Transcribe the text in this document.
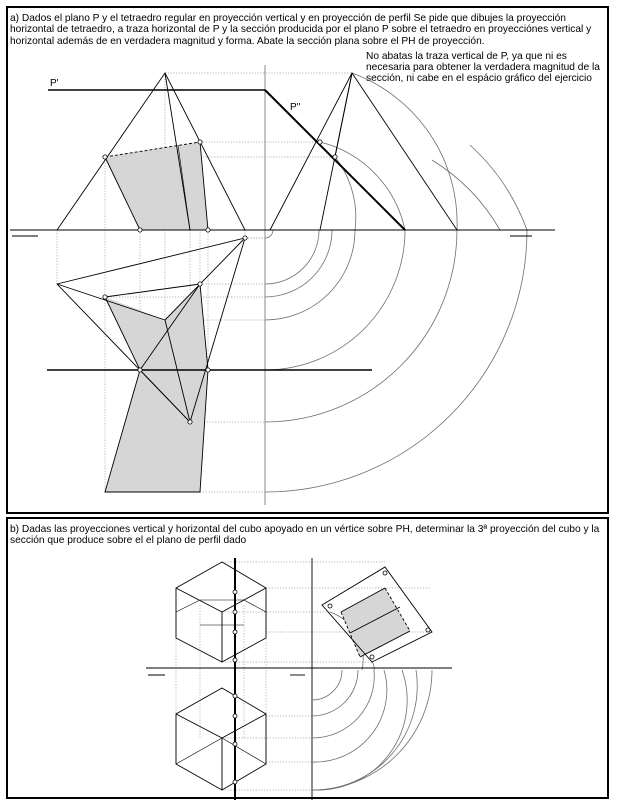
a) Dados el plano P y el tetraedro regular en proyección vertical y en proyección de perfil Se pide que dibujes la proyección horizontal de tetraedro, a traza horizontal de P y la sección producida por el plano P sobre el tetraedro en proyecciónes vertical y horizontal además de en verdadera magnitud y forma. Abate la sección plana sobre el PH de proyección.

No abatas la traza vertical de P, ya que ni es necesaria para obtener la verdadera magnitud de la sección, ni cabe en el espácio gráfico del ejercicio

P'
P''

b) Dadas las proyecciones vertical y horizontal del cubo apoyado en un vértice sobre PH, determinar la 3ª proyección del cubo y la sección que produce sobre el el plano de perfil dado
